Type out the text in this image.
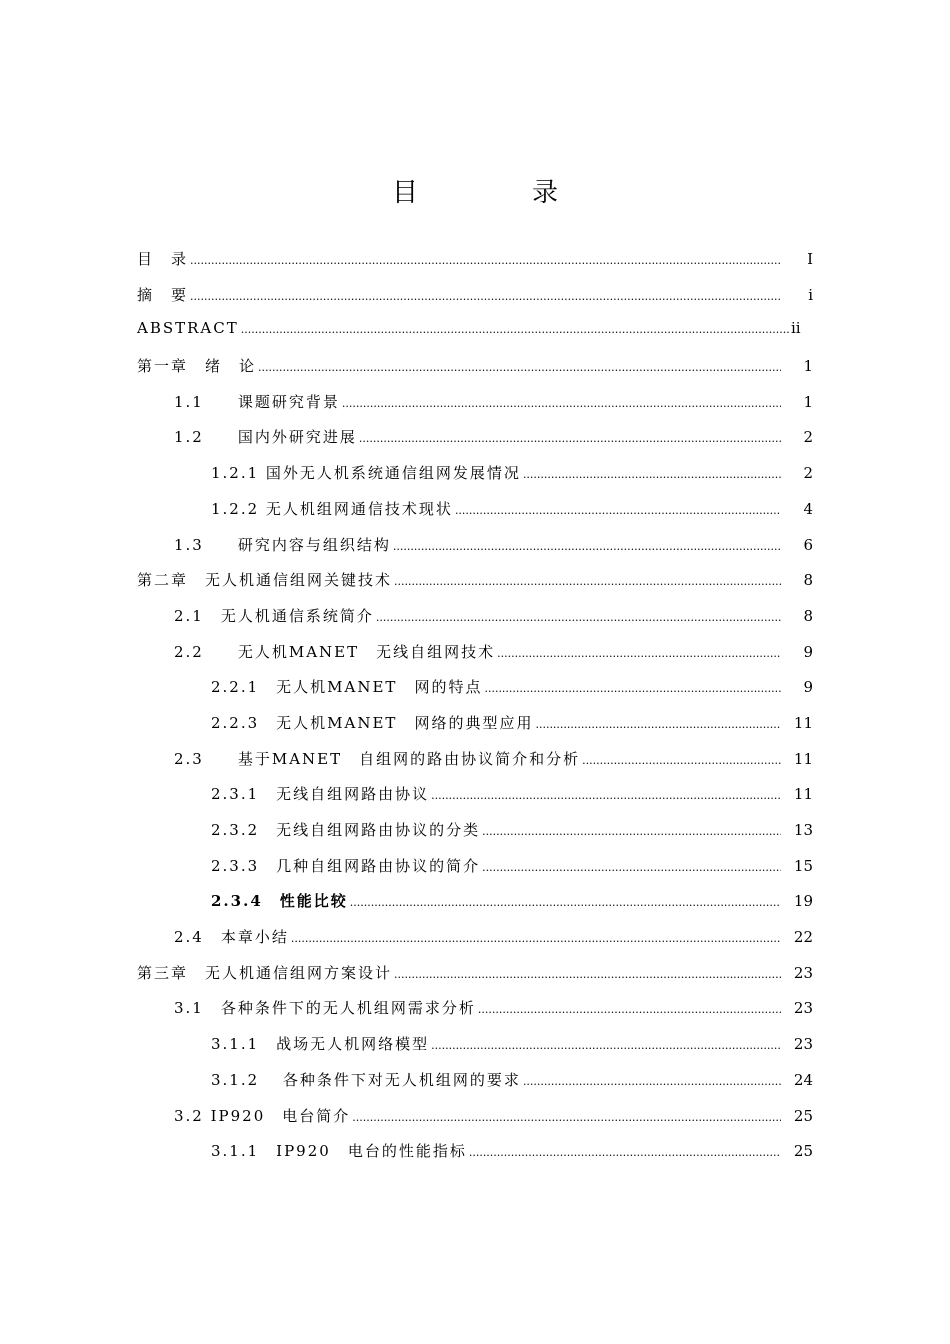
目　录
目　录 .....	I
摘　要 .....	i
ABSTRACT .....	ii
第一章　绪　论 .....	1
1.1　　课题研究背景 .....	1
1.2　　国内外研究进展 .....	2
1.2.1 国外无人机系统通信组网发展情况 .....	2
1.2.2 无人机组网通信技术现状 .....	4
1.3　　研究内容与组织结构 .....	6
第二章　无人机通信组网关键技术 .....	8
2.1　无人机通信系统简介 .....	8
2.2　　无人机MANET　无线自组网技术 .....	9
2.2.1　无人机MANET　网的特点 .....	9
2.2.3　无人机MANET　网络的典型应用 .....	11
2.3　　基于MANET　自组网的路由协议简介和分析 .....	11
2.3.1　无线自组网路由协议 .....	11
2.3.2　无线自组网路由协议的分类 .....	13
2.3.3　几种自组网路由协议的简介 .....	15
2.3.4　性能比较 .....	19
2.4　本章小结 .....	22
第三章　无人机通信组网方案设计 .....	23
3.1　各种条件下的无人机组网需求分析 .....	23
3.1.1　战场无人机网络模型 .....	23
3.1.2　 各种条件下对无人机组网的要求 .....	24
3.2 IP920　电台简介 .....	25
3.1.1　IP920　电台的性能指标 .....	25
